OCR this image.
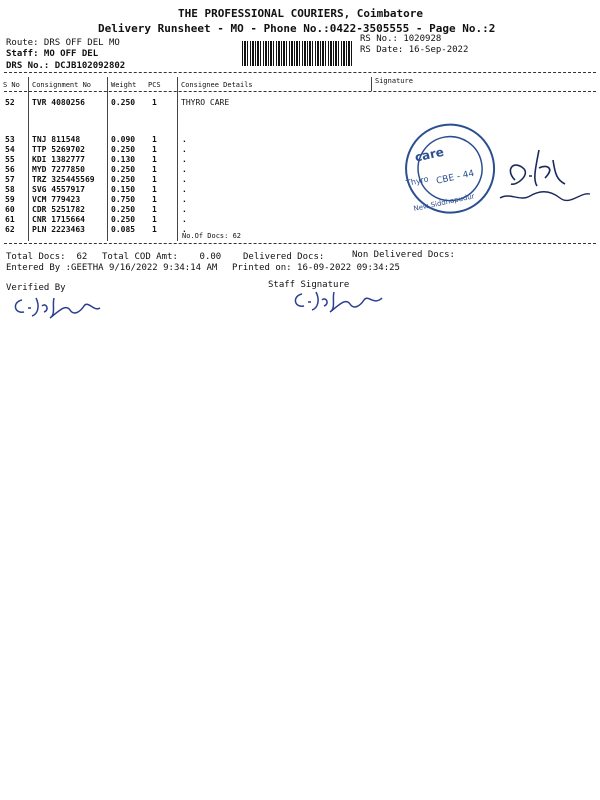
THE PROFESSIONAL COURIERS, Coimbatore
Delivery Runsheet - MO - Phone No.:0422-3505555 - Page No.:2
Route: DRS OFF DEL MO
Staff: MO OFF DEL
DRS No.: DCJB102092802
RS No.: 1020928
RS Date: 16-Sep-2022
S No Consignment No	Weight PCS	Consignee Details	Signature
52 TVR 4080256	0.250 1	THYRO CARE
53 TNJ 811548	0.090 1	.
54 TTP 5269702	0.250 1	.
55 KDI 1382777	0.130 1	.
56 MYD 7277850	0.250 1	.
57 TRZ 325445569 0.250 1	.
58 SVG 4557917	0.150 1	.
59 VCM 779423	0.750 1	.
60 CDR 5251782	0.250 1	.
61 CNR 1715664	0.250 1	.
62 PLN 2223463	0.085 1	.
No.Of Docs: 62
care
CBE - 44
New Siddhapudur
Thyro
Total Docs:  62 Total COD Amt:    0.00 Delivered Docs:	Non Delivered Docs:
Entered By :GEETHA 9/16/2022 9:34:14 AM Printed on: 16-09-2022 09:34:25
Verified By	Staff Signature
